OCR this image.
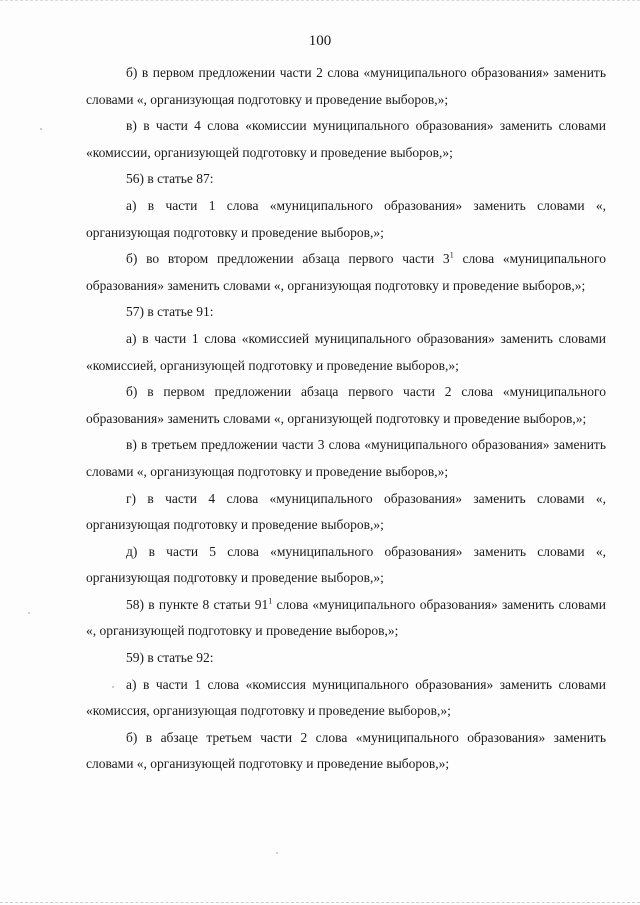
100

б) в первом предложении части 2 слова «муниципального образования» заменить словами «, организующая подготовку и проведение выборов,»;

в) в части 4 слова «комиссии муниципального образования» заменить словами «комиссии, организующей подготовку и проведение выборов,»;

56) в статье 87:

а) в части 1 слова «муниципального образования» заменить словами «, организующая подготовку и проведение выборов,»;

б) во втором предложении абзаца первого части $3^1$ слова «муниципального образования» заменить словами «, организующая подготовку и проведение выборов,»;

57) в статье 91:

а) в части 1 слова «комиссией муниципального образования» заменить словами «комиссией, организующей подготовку и проведение выборов,»;

б) в первом предложении абзаца первого части 2 слова «муниципального образования» заменить словами «, организующей подготовку и проведение выборов,»;

в) в третьем предложении части 3 слова «муниципального образования» заменить словами «, организующая подготовку и проведение выборов,»;

г) в части 4 слова «муниципального образования» заменить словами «, организующая подготовку и проведение выборов,»;

д) в части 5 слова «муниципального образования» заменить словами «, организующая подготовку и проведение выборов,»;

58) в пункте 8 статьи $91^1$ слова «муниципального образования» заменить словами «, организующей подготовку и проведение выборов,»;

59) в статье 92:

а) в части 1 слова «комиссия муниципального образования» заменить словами «комиссия, организующая подготовку и проведение выборов,»;

б) в абзаце третьем части 2 слова «муниципального образования» заменить словами «, организующей подготовку и проведение выборов,»;
